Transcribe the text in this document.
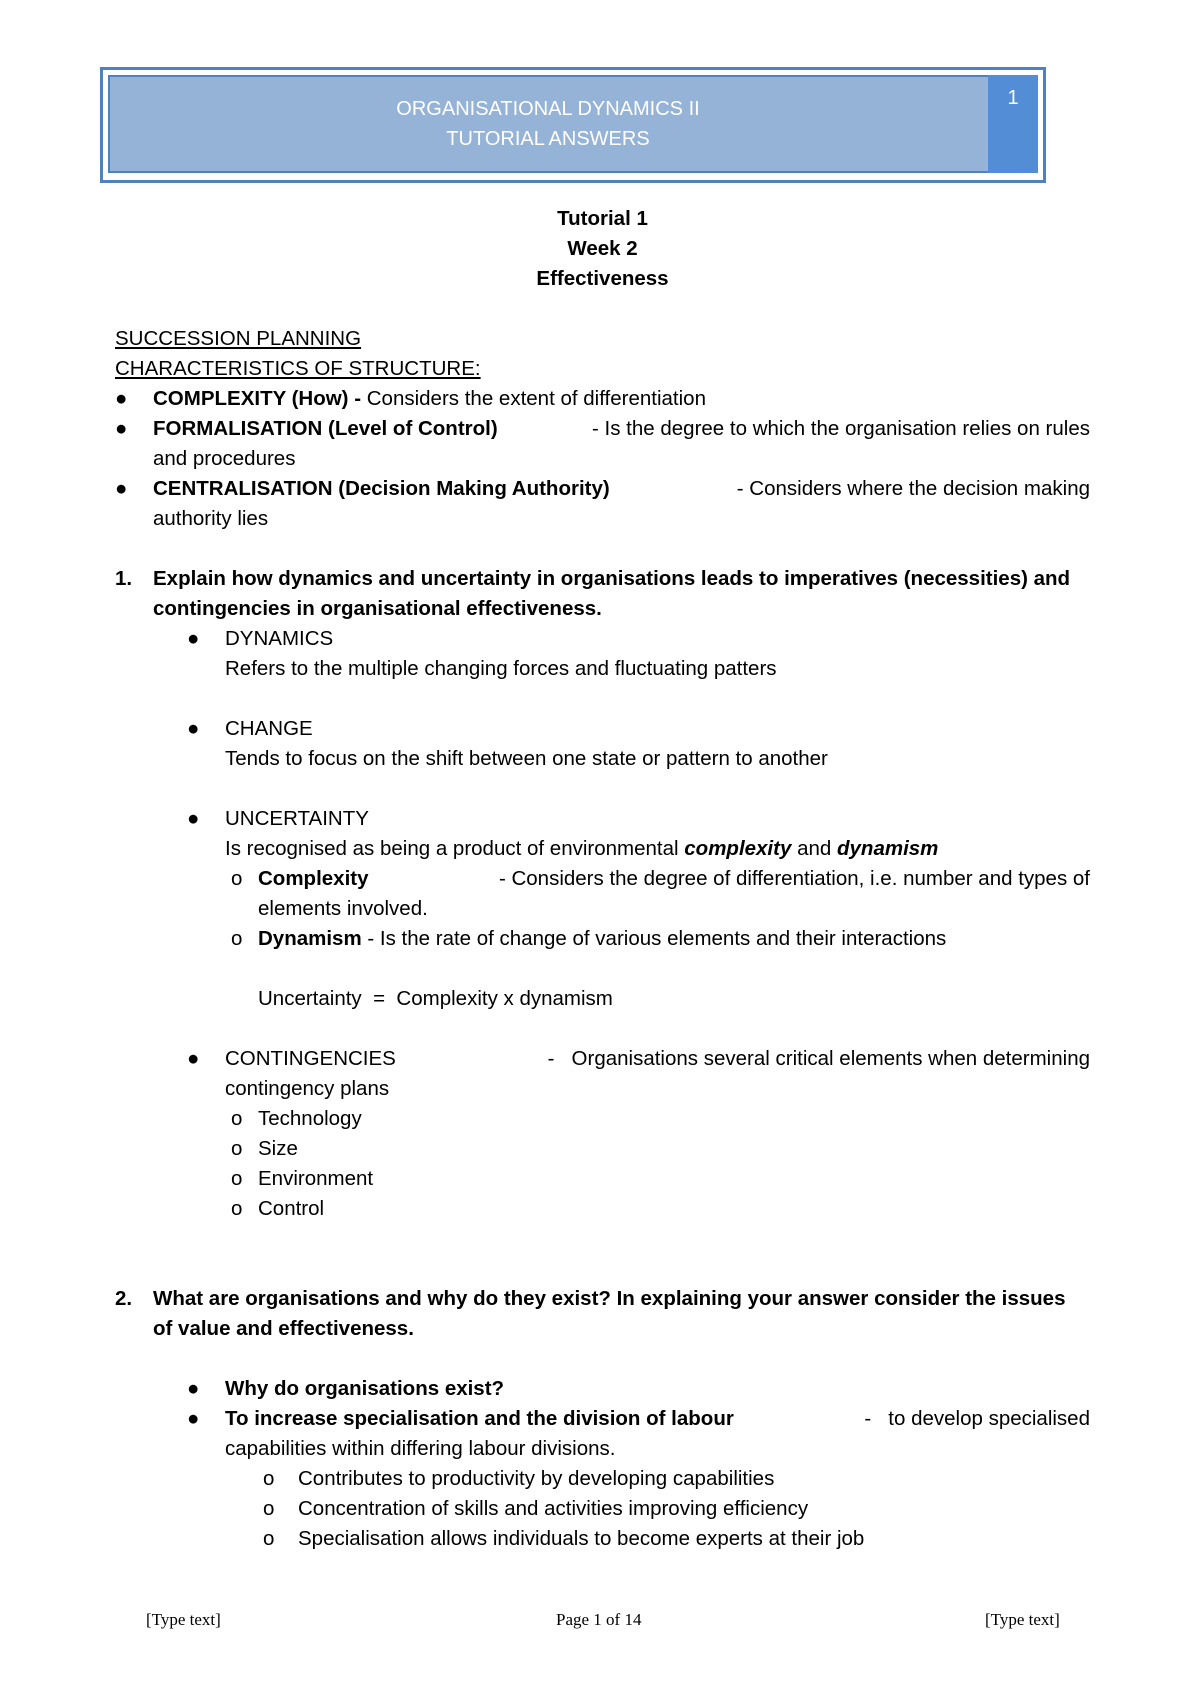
ORGANISATIONAL DYNAMICS II
TUTORIAL ANSWERS
1
Tutorial 1
Week 2
Effectiveness
SUCCESSION PLANNING
CHARACTERISTICS OF STRUCTURE:
● COMPLEXITY (How) - Considers the extent of differentiation
● FORMALISATION (Level of Control)	- Is the degree to which the organisation relies on rules
and procedures
● CENTRALISATION (Decision Making Authority)	- Considers where the decision making
authority lies
1. Explain how dynamics and uncertainty in organisations leads to imperatives (necessities) and
contingencies in organisational effectiveness.
● DYNAMICS
Refers to the multiple changing forces and fluctuating patters
● CHANGE
Tends to focus on the shift between one state or pattern to another
● UNCERTAINTY
Is recognised as being a product of environmental complexity and dynamism
o Complexity	- Considers the degree of differentiation, i.e. number and types of
elements involved.
o Dynamism - Is the rate of change of various elements and their interactions
Uncertainty  =  Complexity x dynamism
● CONTINGENCIES	-   Organisations several critical elements when determining
contingency plans
o Technology
o Size
o Environment
o Control
2. What are organisations and why do they exist? In explaining your answer consider the issues
of value and effectiveness.
● Why do organisations exist?
● To increase specialisation and the division of labour	-   to develop specialised
capabilities within differing labour divisions.
o Contributes to productivity by developing capabilities
o Concentration of skills and activities improving efficiency
o Specialisation allows individuals to become experts at their job
[Type text]	Page 1 of 14	[Type text]
